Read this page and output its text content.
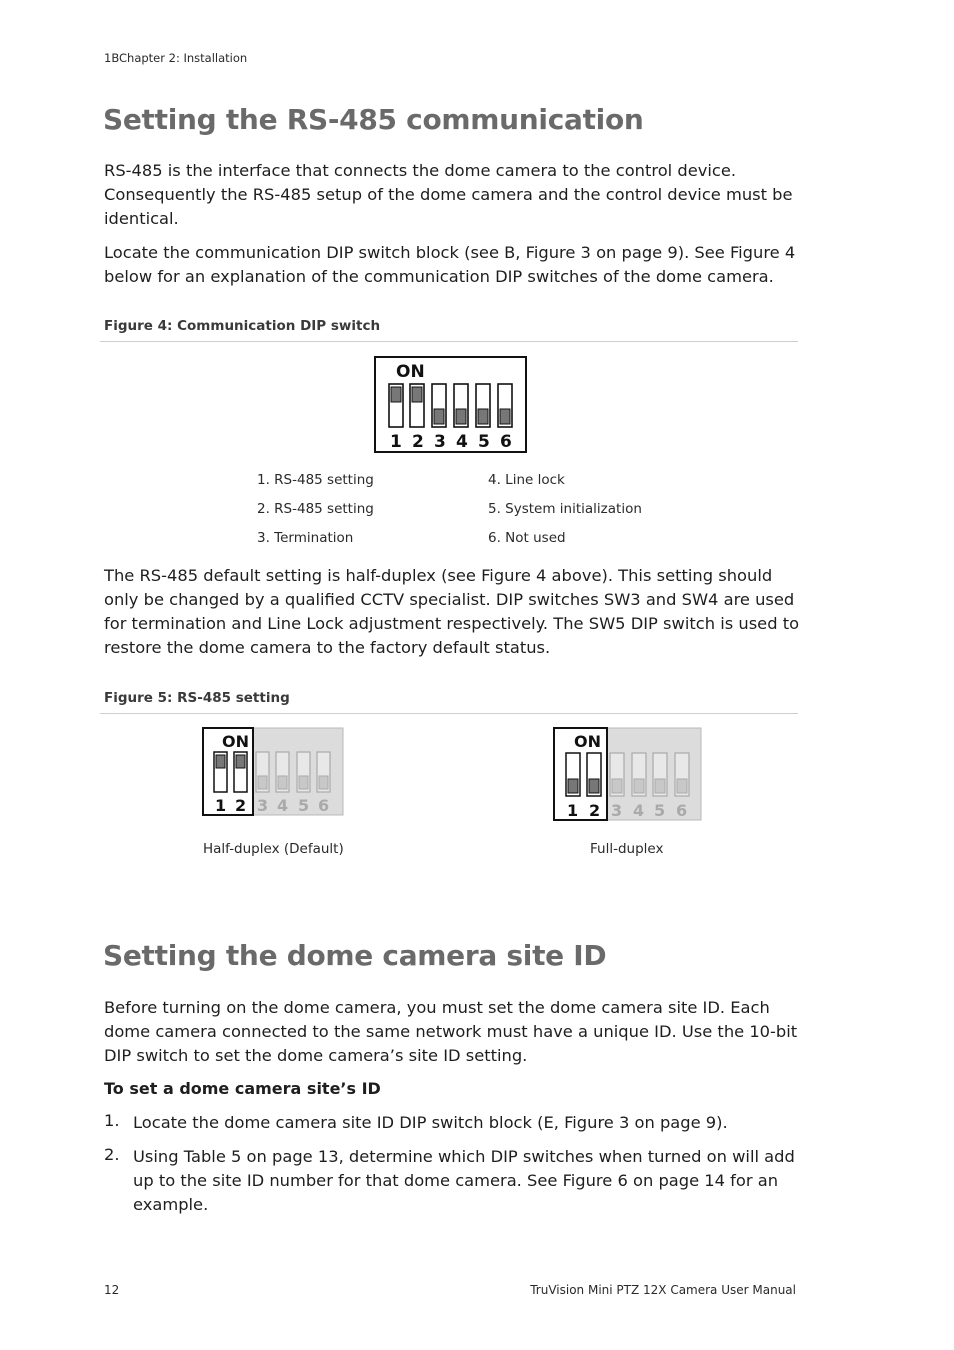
1BChapter 2: Installation
Setting the RS-485 communication

RS-485 is the interface that connects the dome camera to the control device. Consequently the RS-485 setup of the dome camera and the control device must be identical.

Locate the communication DIP switch block (see B, Figure 3 on page 9). See Figure 4 below for an explanation of the communication DIP switches of the dome camera.

Figure 4: Communication DIP switch
ON
1 2 3 4 5 6
1. RS-485 setting
2. RS-485 setting
3. Termination
4. Line lock
5. System initialization
6. Not used

The RS-485 default setting is half-duplex (see Figure 4 above). This setting should only be changed by a qualified CCTV specialist. DIP switches SW3 and SW4 are used for termination and Line Lock adjustment respectively. The SW5 DIP switch is used to restore the dome camera to the factory default status.

Figure 5: RS-485 setting
ON
1 2 3 4 5 6
ON
1 2 3 4 5 6
Half-duplex (Default)	Full-duplex
Setting the dome camera site ID

Before turning on the dome camera, you must set the dome camera site ID. Each dome camera connected to the same network must have a unique ID. Use the 10-bit DIP switch to set the dome camera’s site ID setting.

To set a dome camera site’s ID
1. Locate the dome camera site ID DIP switch block (E, Figure 3 on page 9).

2. Using Table 5 on page 13, determine which DIP switches when turned on will add up to the site ID number for that dome camera. See Figure 6 on page 14 for an example.

12	TruVision Mini PTZ 12X Camera User Manual
